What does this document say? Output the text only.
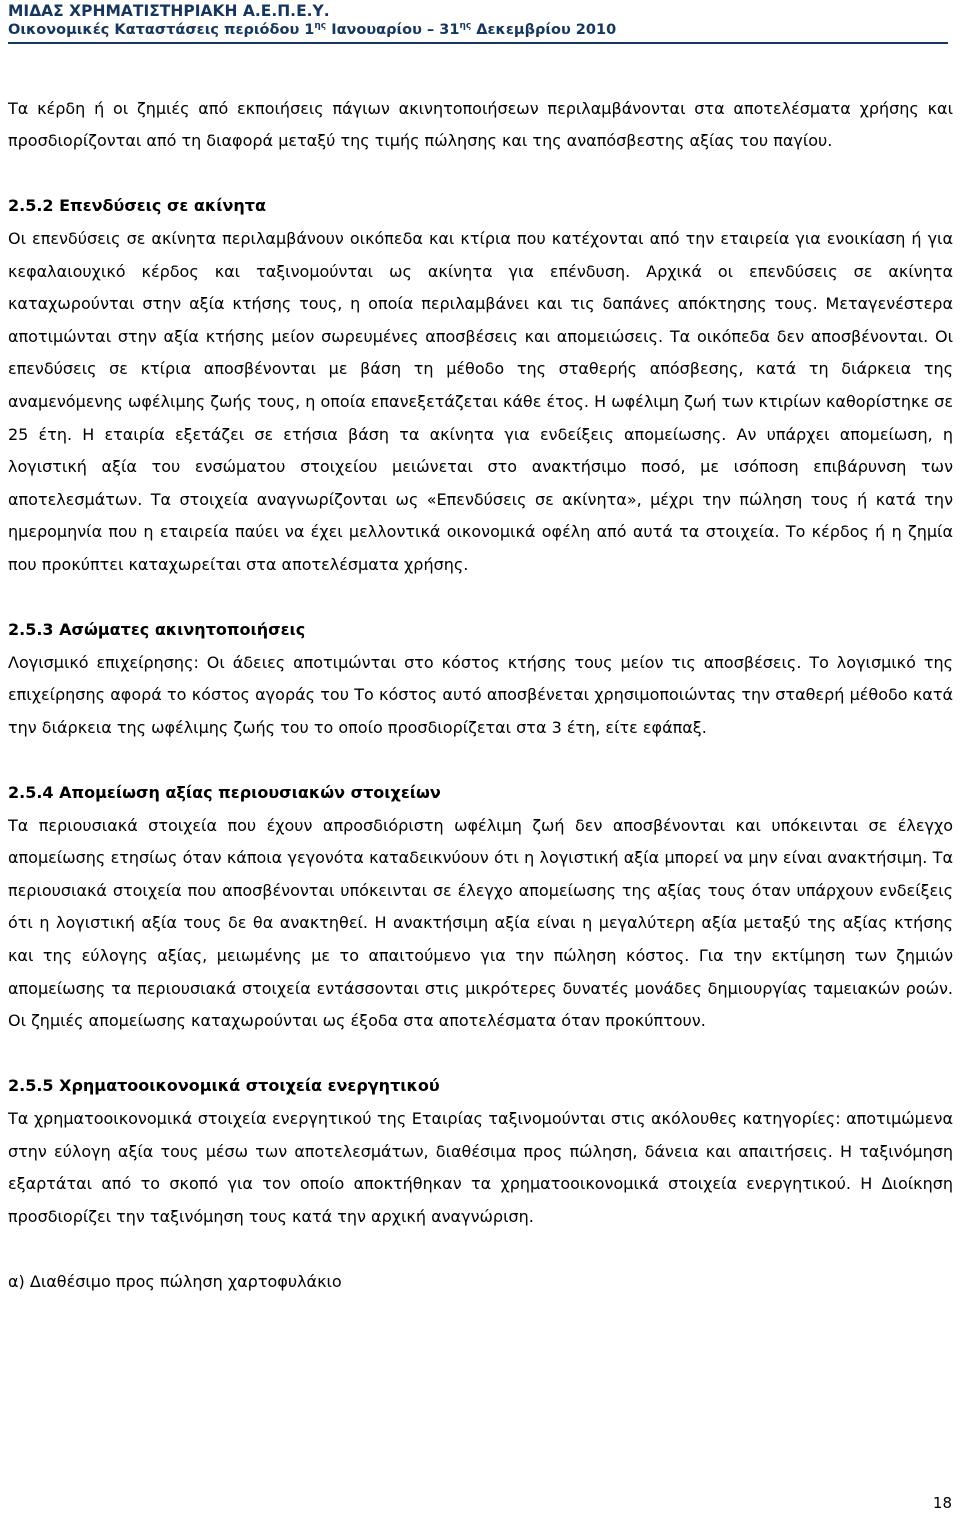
ΜΙΔΑΣ ΧΡΗΜΑΤΙΣΤΗΡΙΑΚΗ Α.Ε.Π.Ε.Υ.
Οικονομικές Καταστάσεις περιόδου $1^{\eta\varsigma}$ Ιανουαρίου – $31^{\eta\varsigma}$ Δεκεμβρίου 2010

Τα κέρδη ή οι ζημιές από εκποιήσεις πάγιων ακινητοποιήσεων περιλαμβάνονται στα αποτελέσματα χρήσης και προσδιορίζονται από τη διαφορά μεταξύ της τιμής πώλησης και της αναπόσβεστης αξίας του παγίου.

2.5.2 Επενδύσεις σε ακίνητα

Οι επενδύσεις σε ακίνητα περιλαμβάνουν οικόπεδα και κτίρια που κατέχονται από την εταιρεία για ενοικίαση ή για κεφαλαιουχικό κέρδος και ταξινομούνται ως ακίνητα για επένδυση. Αρχικά οι επενδύσεις σε ακίνητα καταχωρούνται στην αξία κτήσης τους, η οποία περιλαμβάνει και τις δαπάνες απόκτησης τους. Μεταγενέστερα αποτιμώνται στην αξία κτήσης μείον σωρευμένες αποσβέσεις και απομειώσεις. Τα οικόπεδα δεν αποσβένονται. Οι επενδύσεις σε κτίρια αποσβένονται με βάση τη μέθοδο της σταθερής απόσβεσης, κατά τη διάρκεια της αναμενόμενης ωφέλιμης ζωής τους, η οποία επανεξετάζεται κάθε έτος. Η ωφέλιμη ζωή των κτιρίων καθορίστηκε σε 25 έτη. Η εταιρία εξετάζει σε ετήσια βάση τα ακίνητα για ενδείξεις απομείωσης. Αν υπάρχει απομείωση, η λογιστική αξία του ενσώματου στοιχείου μειώνεται στο ανακτήσιμο ποσό, με ισόποση επιβάρυνση των αποτελεσμάτων. Τα στοιχεία αναγνωρίζονται ως «Επενδύσεις σε ακίνητα», μέχρι την πώληση τους ή κατά την ημερομηνία που η εταιρεία παύει να έχει μελλοντικά οικονομικά οφέλη από αυτά τα στοιχεία. Το κέρδος ή η ζημία που προκύπτει καταχωρείται στα αποτελέσματα χρήσης.

2.5.3 Ασώματες ακινητοποιήσεις

Λογισμικό επιχείρησης: Οι άδειες αποτιμώνται στο κόστος κτήσης τους μείον τις αποσβέσεις. Το λογισμικό της επιχείρησης αφορά το κόστος αγοράς του Το κόστος αυτό αποσβένεται χρησιμοποιώντας την σταθερή μέθοδο κατά την διάρκεια της ωφέλιμης ζωής του το οποίο προσδιορίζεται στα 3 έτη, είτε εφάπαξ.

2.5.4 Απομείωση αξίας περιουσιακών στοιχείων

Τα περιουσιακά στοιχεία που έχουν απροσδιόριστη ωφέλιμη ζωή δεν αποσβένονται και υπόκεινται σε έλεγχο απομείωσης ετησίως όταν κάποια γεγονότα καταδεικνύουν ότι η λογιστική αξία μπορεί να μην είναι ανακτήσιμη. Τα περιουσιακά στοιχεία που αποσβένονται υπόκεινται σε έλεγχο απομείωσης της αξίας τους όταν υπάρχουν ενδείξεις ότι η λογιστική αξία τους δε θα ανακτηθεί. Η ανακτήσιμη αξία είναι η μεγαλύτερη αξία μεταξύ της αξίας κτήσης και της εύλογης αξίας, μειωμένης με το απαιτούμενο για την πώληση κόστος. Για την εκτίμηση των ζημιών απομείωσης τα περιουσιακά στοιχεία εντάσσονται στις μικρότερες δυνατές μονάδες δημιουργίας ταμειακών ροών. Οι ζημιές απομείωσης καταχωρούνται ως έξοδα στα αποτελέσματα όταν προκύπτουν.

2.5.5 Χρηματοοικονομικά στοιχεία ενεργητικού

Τα χρηματοοικονομικά στοιχεία ενεργητικού της Εταιρίας ταξινομούνται στις ακόλουθες κατηγορίες: αποτιμώμενα στην εύλογη αξία τους μέσω των αποτελεσμάτων, διαθέσιμα προς πώληση, δάνεια και απαιτήσεις. Η ταξινόμηση εξαρτάται από το σκοπό για τον οποίο αποκτήθηκαν τα χρηματοοικονομικά στοιχεία ενεργητικού. Η Διοίκηση προσδιορίζει την ταξινόμηση τους κατά την αρχική αναγνώριση.

α) Διαθέσιμο προς πώληση χαρτοφυλάκιο

18
